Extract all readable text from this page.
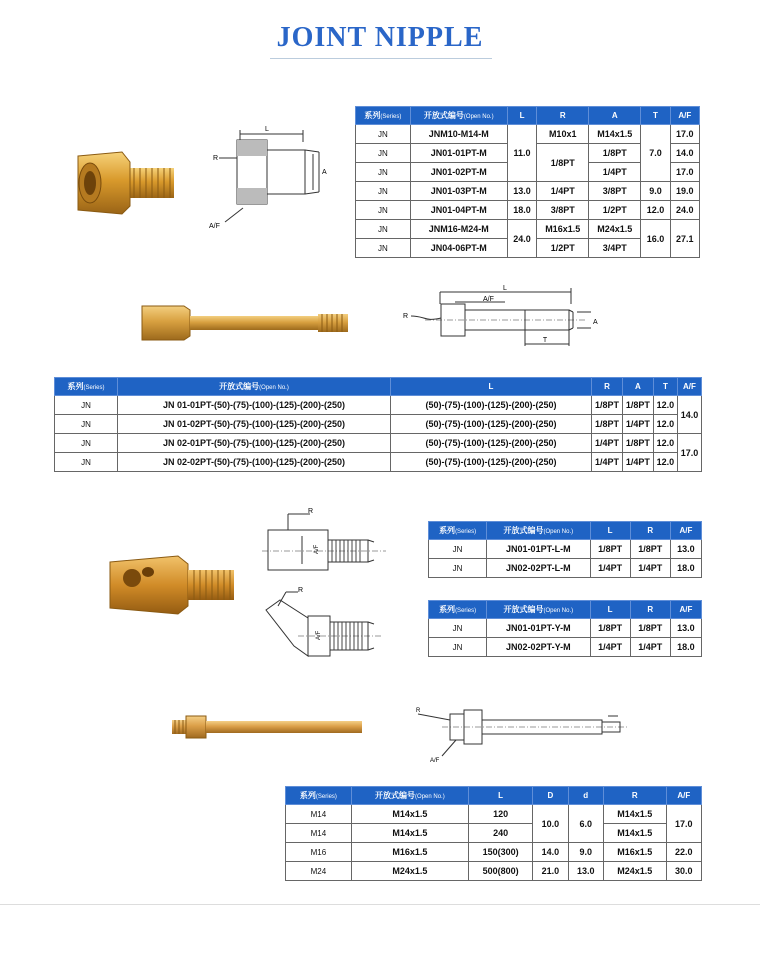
JOINT NIPPLE
L
R
A
A/F
系列(Series)	开放式编号(Open No.)	L	R	A	T	A/F
JN	JNM10-M14-M	11.0	M10x1	M14x1.5	7.0	17.0
JN	JN01-01PT-M		1/8PT	1/8PT		14.0
JN	JN01-02PT-M			1/4PT		17.0
JN	JN01-03PT-M	13.0	1/4PT	3/8PT	9.0	19.0
JN	JN01-04PT-M	18.0	3/8PT	1/2PT	12.0	24.0
JN	JNM16-M24-M	24.0	M16x1.5	M24x1.5	16.0	27.1
JN	JN04-06PT-M		1/2PT	3/4PT		
L
A/F
R
A
T
系列(Series)	开放式编号(Open No.)	L	R	A	T	A/F
JN	JN 01-01PT-(50)-(75)-(100)-(125)-(200)-(250)	(50)-(75)-(100)-(125)-(200)-(250)	1/8PT	1/8PT	12.0	14.0
JN	JN 01-02PT-(50)-(75)-(100)-(125)-(200)-(250)	(50)-(75)-(100)-(125)-(200)-(250)	1/8PT	1/4PT	12.0	
JN	JN 02-01PT-(50)-(75)-(100)-(125)-(200)-(250)	(50)-(75)-(100)-(125)-(200)-(250)	1/4PT	1/8PT	12.0	17.0
JN	JN 02-02PT-(50)-(75)-(100)-(125)-(200)-(250)	(50)-(75)-(100)-(125)-(200)-(250)	1/4PT	1/4PT	12.0	
R
A/F
R
A/F
系列(Series)	开放式编号(Open No.)	L	R	A/F
JN	JN01-01PT-L-M	1/8PT	1/8PT	13.0
JN	JN02-02PT-L-M	1/4PT	1/4PT	18.0
系列(Series)	开放式编号(Open No.)	L	R	A/F
JN	JN01-01PT-Y-M	1/8PT	1/8PT	13.0
JN	JN02-02PT-Y-M	1/4PT	1/4PT	18.0
R
A/F
系列(Series)	开放式编号(Open No.)	L	D	d	R	A/F
M14	M14x1.5	120	10.0	6.0	M14x1.5	17.0
M14	M14x1.5	240			M14x1.5	
M16	M16x1.5	150(300)	14.0	9.0	M16x1.5	22.0
M24	M24x1.5	500(800)	21.0	13.0	M24x1.5	30.0
